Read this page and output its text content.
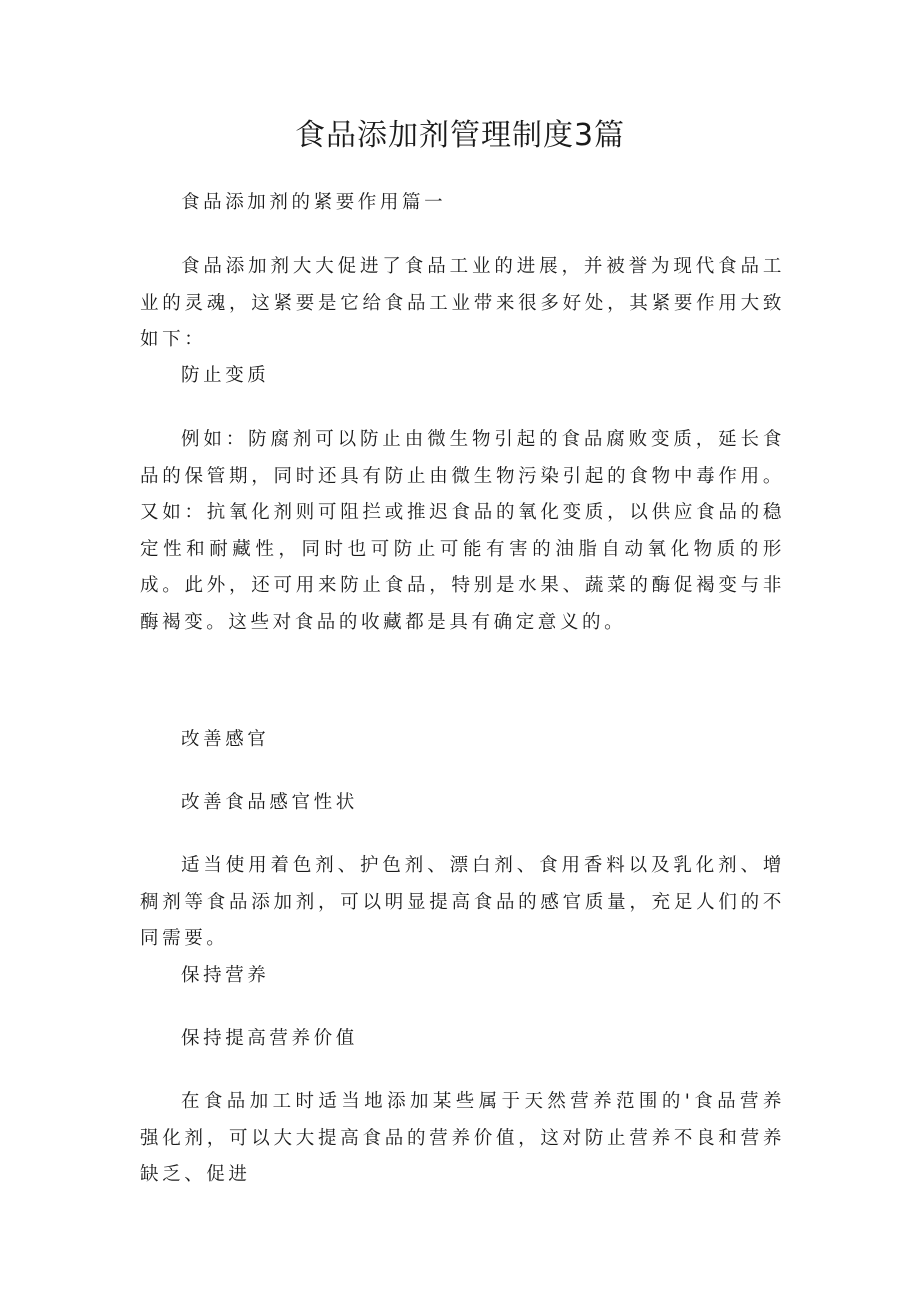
食品添加剂管理制度3篇

食品添加剂的紧要作用篇一

食品添加剂大大促进了食品工业的进展，并被誉为现代食品工业的灵魂，这紧要是它给食品工业带来很多好处，其紧要作用大致如下：

防止变质

例如：防腐剂可以防止由微生物引起的食品腐败变质，延长食品的保管期，同时还具有防止由微生物污染引起的食物中毒作用。又如：抗氧化剂则可阻拦或推迟食品的氧化变质，以供应食品的稳定性和耐藏性，同时也可防止可能有害的油脂自动氧化物质的形成。此外，还可用来防止食品，特别是水果、蔬菜的酶促褐变与非酶褐变。这些对食品的收藏都是具有确定意义的。

改善感官

改善食品感官性状

适当使用着色剂、护色剂、漂白剂、食用香料以及乳化剂、增稠剂等食品添加剂，可以明显提高食品的感官质量，充足人们的不同需要。

保持营养

保持提高营养价值

在食品加工时适当地添加某些属于天然营养范围的'食品营养强化剂，可以大大提高食品的营养价值，这对防止营养不良和营养缺乏、促进
